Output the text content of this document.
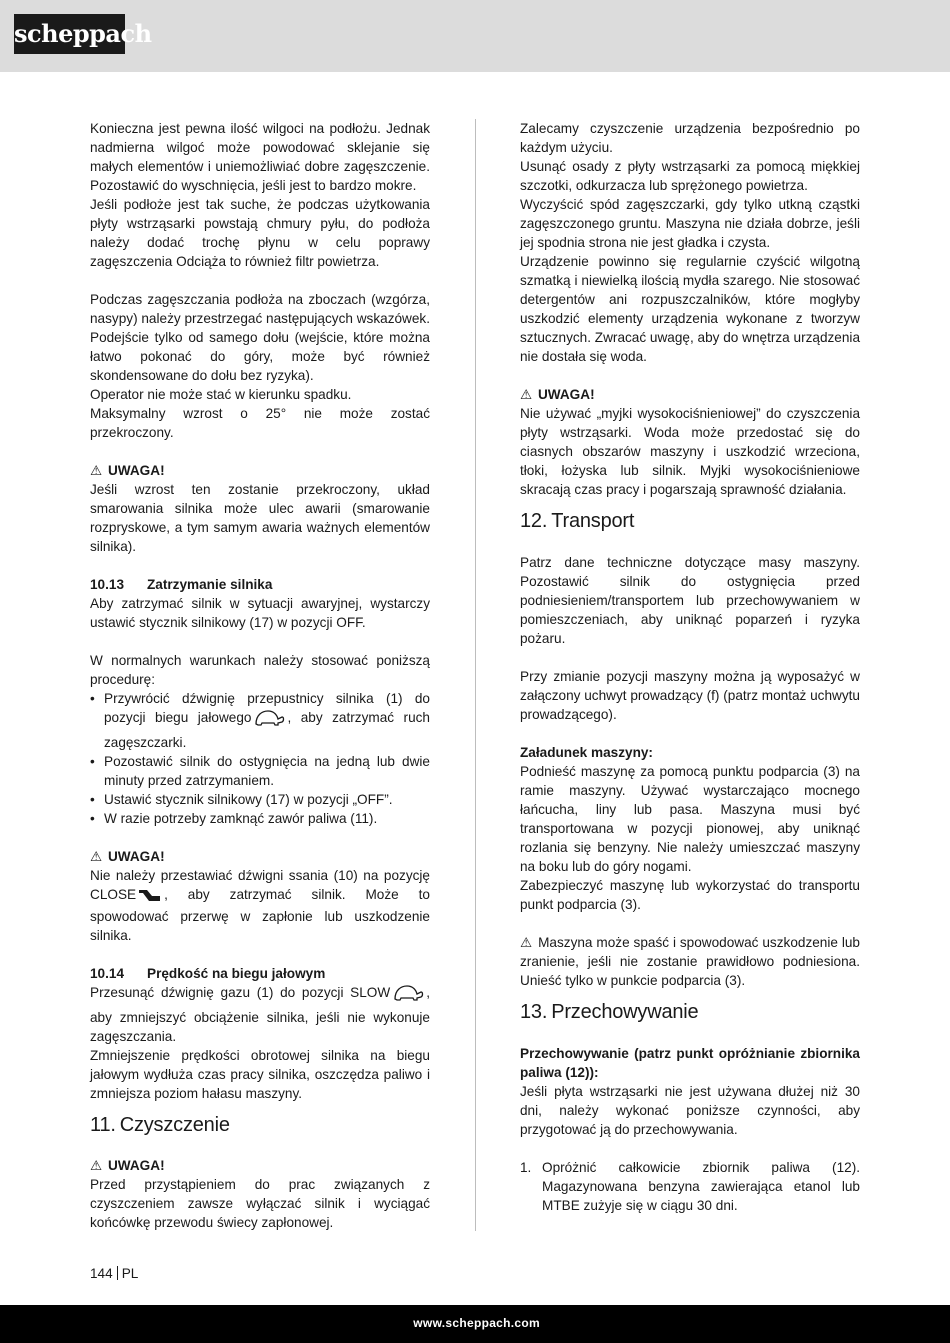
scheppach

Konieczna jest pewna ilość wilgoci na podłożu. Jednak nadmierna wilgoć może powodować sklejanie się małych elementów i uniemożliwiać dobre zagęszczenie. Pozostawić do wyschnięcia, jeśli jest to bardzo mokre.

Jeśli podłoże jest tak suche, że podczas użytkowania płyty wstrząsarki powstają chmury pyłu, do podłoża należy dodać trochę płynu w celu poprawy zagęszczenia Odciąża to również filtr powietrza.

Podczas zagęszczania podłoża na zboczach (wzgórza, nasypy) należy przestrzegać następujących wskazówek.

Podejście tylko od samego dołu (wejście, które można łatwo pokonać do góry, może być również skondensowane do dołu bez ryzyka).

Operator nie może stać w kierunku spadku.

Maksymalny wzrost o 25° nie może zostać przekroczony.

⚠ UWAGA!

Jeśli wzrost ten zostanie przekroczony, układ smarowania silnika może ulec awarii (smarowanie rozpryskowe, a tym samym awaria ważnych elementów silnika).

10.13 Zatrzymanie silnika

Aby zatrzymać silnik w sytuacji awaryjnej, wystarczy ustawić stycznik silnikowy (17) w pozycji OFF.

W normalnych warunkach należy stosować poniższą procedurę:

• Przywrócić dźwignię przepustnicy silnika (1) do pozycji biegu jałowego	, aby zatrzymać ruch zagęszczarki.
• Pozostawić silnik do ostygnięcia na jedną lub dwie minuty przed zatrzymaniem.
• Ustawić stycznik silnikowy (17) w pozycji „OFF”.
• W razie potrzeby zamknąć zawór paliwa (11).

⚠ UWAGA!

Nie należy przestawiać dźwigni ssania (10) na pozycję CLOSE , aby zatrzymać silnik. Może to spowodować przerwę w zapłonie lub uszkodzenie silnika.

10.14 Prędkość na biegu jałowym

Przesunąć dźwignię gazu (1) do pozycji SLOW	, aby zmniejszyć obciążenie silnika, jeśli nie wykonuje zagęszczania.

Zmniejszenie prędkości obrotowej silnika na biegu jałowym wydłuża czas pracy silnika, oszczędza paliwo i zmniejsza poziom hałasu maszyny.

11. Czyszczenie

⚠ UWAGA!

Przed przystąpieniem do prac związanych z czyszczeniem zawsze wyłączać silnik i wyciągać końcówkę przewodu świecy zapłonowej.

Zalecamy czyszczenie urządzenia bezpośrednio po każdym użyciu.

Usunąć osady z płyty wstrząsarki za pomocą miękkiej szczotki, odkurzacza lub sprężonego powietrza.

Wyczyścić spód zagęszczarki, gdy tylko utkną cząstki zagęszczonego gruntu. Maszyna nie działa dobrze, jeśli jej spodnia strona nie jest gładka i czysta.

Urządzenie powinno się regularnie czyścić wilgotną szmatką i niewielką ilością mydła szarego. Nie stosować detergentów ani rozpuszczalników, które mogłyby uszkodzić elementy urządzenia wykonane z tworzyw sztucznych. Zwracać uwagę, aby do wnętrza urządzenia nie dostała się woda.

⚠ UWAGA!

Nie używać „myjki wysokociśnieniowej” do czyszczenia płyty wstrząsarki. Woda może przedostać się do ciasnych obszarów maszyny i uszkodzić wrzeciona, tłoki, łożyska lub silnik. Myjki wysokociśnieniowe skracają czas pracy i pogarszają sprawność działania.

12. Transport

Patrz dane techniczne dotyczące masy maszyny. Pozostawić silnik do ostygnięcia przed podniesieniem/transportem lub przechowywaniem w pomieszczeniach, aby uniknąć poparzeń i ryzyka pożaru.

Przy zmianie pozycji maszyny można ją wyposażyć w załączony uchwyt prowadzący (f) (patrz montaż uchwytu prowadzącego).

Załadunek maszyny:

Podnieść maszynę za pomocą punktu podparcia (3) na ramie maszyny. Używać wystarczająco mocnego łańcucha, liny lub pasa. Maszyna musi być transportowana w pozycji pionowej, aby uniknąć rozlania się benzyny. Nie należy umieszczać maszyny na boku lub do góry nogami.

Zabezpieczyć maszynę lub wykorzystać do transportu punkt podparcia (3).

⚠ Maszyna może spaść i spowodować uszkodzenie lub zranienie, jeśli nie zostanie prawidłowo podniesiona. Unieść tylko w punkcie podparcia (3).

13. Przechowywanie

Przechowywanie (patrz punkt opróżnianie zbiornika paliwa (12)):

Jeśli płyta wstrząsarki nie jest używana dłużej niż 30 dni, należy wykonać poniższe czynności, aby przygotować ją do przechowywania.

1. Opróżnić całkowicie zbiornik paliwa (12). Magazynowana benzyna zawierająca etanol lub MTBE zużyje się w ciągu 30 dni.
144 PL
www.scheppach.com
